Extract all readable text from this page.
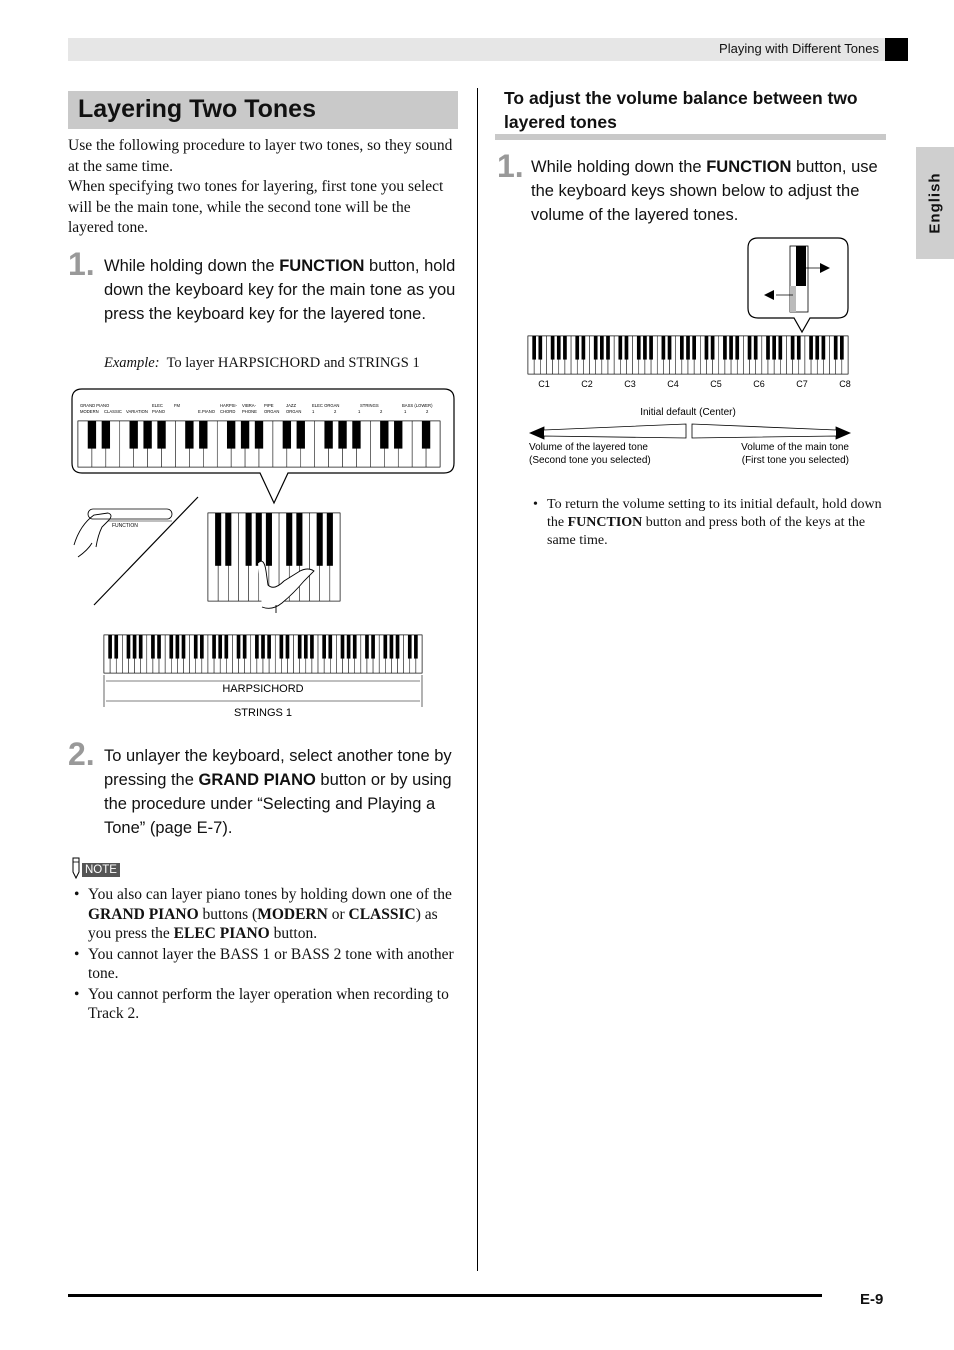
Playing with Different Tones
English
Layering Two Tones
Use the following procedure to layer two tones, so they sound at the same time.
When specifying two tones for layering, first tone you select will be the main tone, while the second tone will be the layered tone.
1. While holding down the FUNCTION button, hold down the keyboard key for the main tone as you press the keyboard key for the layered tone.
Example: To layer HARPSICHORD and STRINGS 1
GRAND PIANO	ELEC	FM	HARPSI- VIBRA- PIPE	JAZZ	ELEC ORGAN	STRINGS	BASS (LOWER)
MODERN CLASSIC VARIATION PIANO	E.PIANO CHORD PHONE ORGAN ORGAN	1	2	1	2	1	2
FUNCTION
HARPSICHORD
STRINGS 1
2. To unlayer the keyboard, select another tone by pressing the GRAND PIANO button or by using the procedure under “Selecting and Playing a Tone” (page E-7).
NOTE
• You also can layer piano tones by holding down one of the GRAND PIANO buttons (MODERN or CLASSIC) as you press the ELEC PIANO button.
• You cannot layer the BASS 1 or BASS 2 tone with another tone.
• You cannot perform the layer operation when recording to Track 2.
To adjust the volume balance between two layered tones
1. While holding down the FUNCTION button, use the keyboard keys shown below to adjust the volume of the layered tones.
C1	C2	C3	C4	C5	C6	C7	C8
Initial default (Center)
Volume of the layered tone
(Second tone you selected)
Volume of the main tone
(First tone you selected)
• To return the volume setting to its initial default, hold down the FUNCTION button and press both of the keys at the same time.
E-9
